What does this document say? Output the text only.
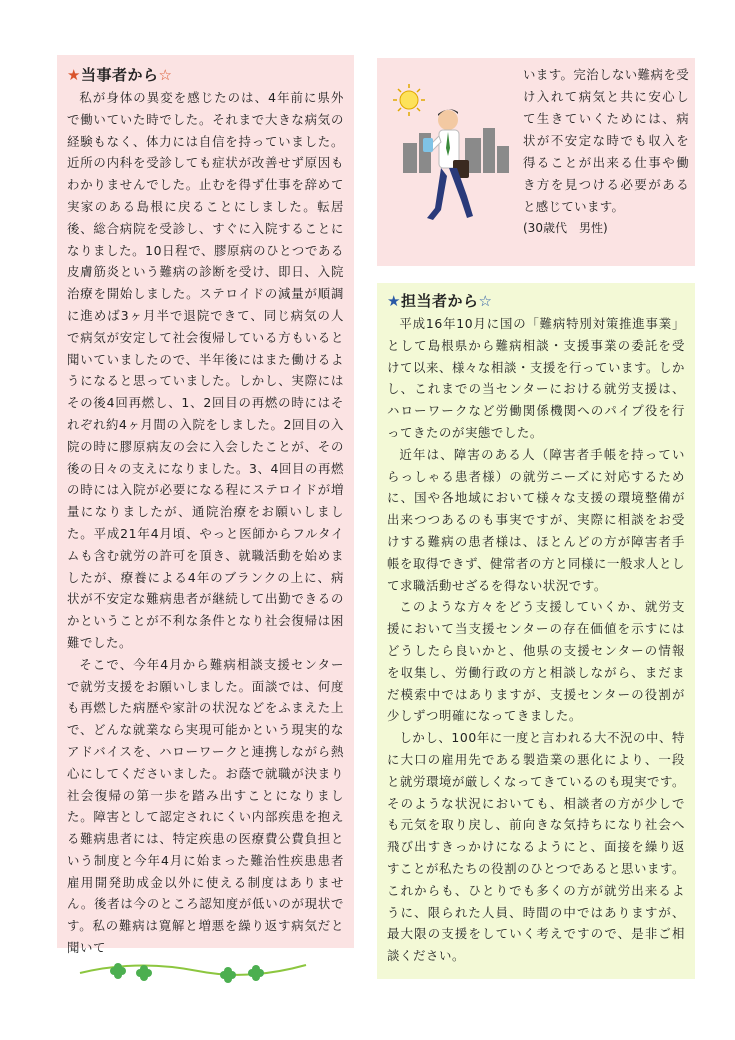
★当事者から☆

私が身体の異変を感じたのは、4年前に県外で働いていた時でした。それまで大きな病気の経験もなく、体力には自信を持っていました。近所の内科を受診しても症状が改善せず原因もわかりませんでした。止むを得ず仕事を辞めて実家のある島根に戻ることにしました。転居後、総合病院を受診し、すぐに入院することになりました。10日程で、膠原病のひとつである皮膚筋炎という難病の診断を受け、即日、入院治療を開始しました。ステロイドの減量が順調に進めば3ヶ月半で退院できて、同じ病気の人で病気が安定して社会復帰している方もいると聞いていましたので、半年後にはまた働けるようになると思っていました。しかし、実際にはその後4回再燃し、1、2回目の再燃の時にはそれぞれ約4ヶ月間の入院をしました。2回目の入院の時に膠原病友の会に入会したことが、その後の日々の支えになりました。3、4回目の再燃の時には入院が必要になる程にステロイドが増量になりましたが、通院治療をお願いしました。平成21年4月頃、やっと医師からフルタイムも含む就労の許可を頂き、就職活動を始めましたが、療養による4年のブランクの上に、病状が不安定な難病患者が継続して出勤できるのかということが不利な条件となり社会復帰は困難でした。

そこで、今年4月から難病相談支援センターで就労支援をお願いしました。面談では、何度も再燃した病歴や家計の状況などをふまえた上で、どんな就業なら実現可能かという現実的なアドバイスを、ハローワークと連携しながら熱心にしてくださいました。お蔭で就職が決まり社会復帰の第一歩を踏み出すことになりました。障害として認定されにくい内部疾患を抱える難病患者には、特定疾患の医療費公費負担という制度と今年4月に始まった難治性疾患患者雇用開発助成金以外に使える制度はありません。後者は今のところ認知度が低いのが現状です。私の難病は寛解と増悪を繰り返す病気だと聞いて

います。完治しない難病を受け入れて病気と共に安心して生きていくためには、病状が不安定な時でも収入を得ることが出来る仕事や働き方を見つける必要があると感じています。

(30歳代　男性)
★担当者から☆

平成16年10月に国の「難病特別対策推進事業」として島根県から難病相談・支援事業の委託を受けて以来、様々な相談・支援を行っています。しかし、これまでの当センターにおける就労支援は、ハローワークなど労働関係機関へのパイプ役を行ってきたのが実態でした。

近年は、障害のある人（障害者手帳を持っていらっしゃる患者様）の就労ニーズに対応するために、国や各地域において様々な支援の環境整備が出来つつあるのも事実ですが、実際に相談をお受けする難病の患者様は、ほとんどの方が障害者手帳を取得できず、健常者の方と同様に一般求人として求職活動せざるを得ない状況です。

このような方々をどう支援していくか、就労支援において当支援センターの存在価値を示すにはどうしたら良いかと、他県の支援センターの情報を収集し、労働行政の方と相談しながら、まだまだ模索中ではありますが、支援センターの役割が少しずつ明確になってきました。

しかし、100年に一度と言われる大不況の中、特に大口の雇用先である製造業の悪化により、一段と就労環境が厳しくなってきているのも現実です。そのような状況においても、相談者の方が少しでも元気を取り戻し、前向きな気持ちになり社会へ飛び出すきっかけになるようにと、面接を繰り返すことが私たちの役割のひとつであると思います。これからも、ひとりでも多くの方が就労出来るように、限られた人員、時間の中ではありますが、最大限の支援をしていく考えですので、是非ご相談ください。
